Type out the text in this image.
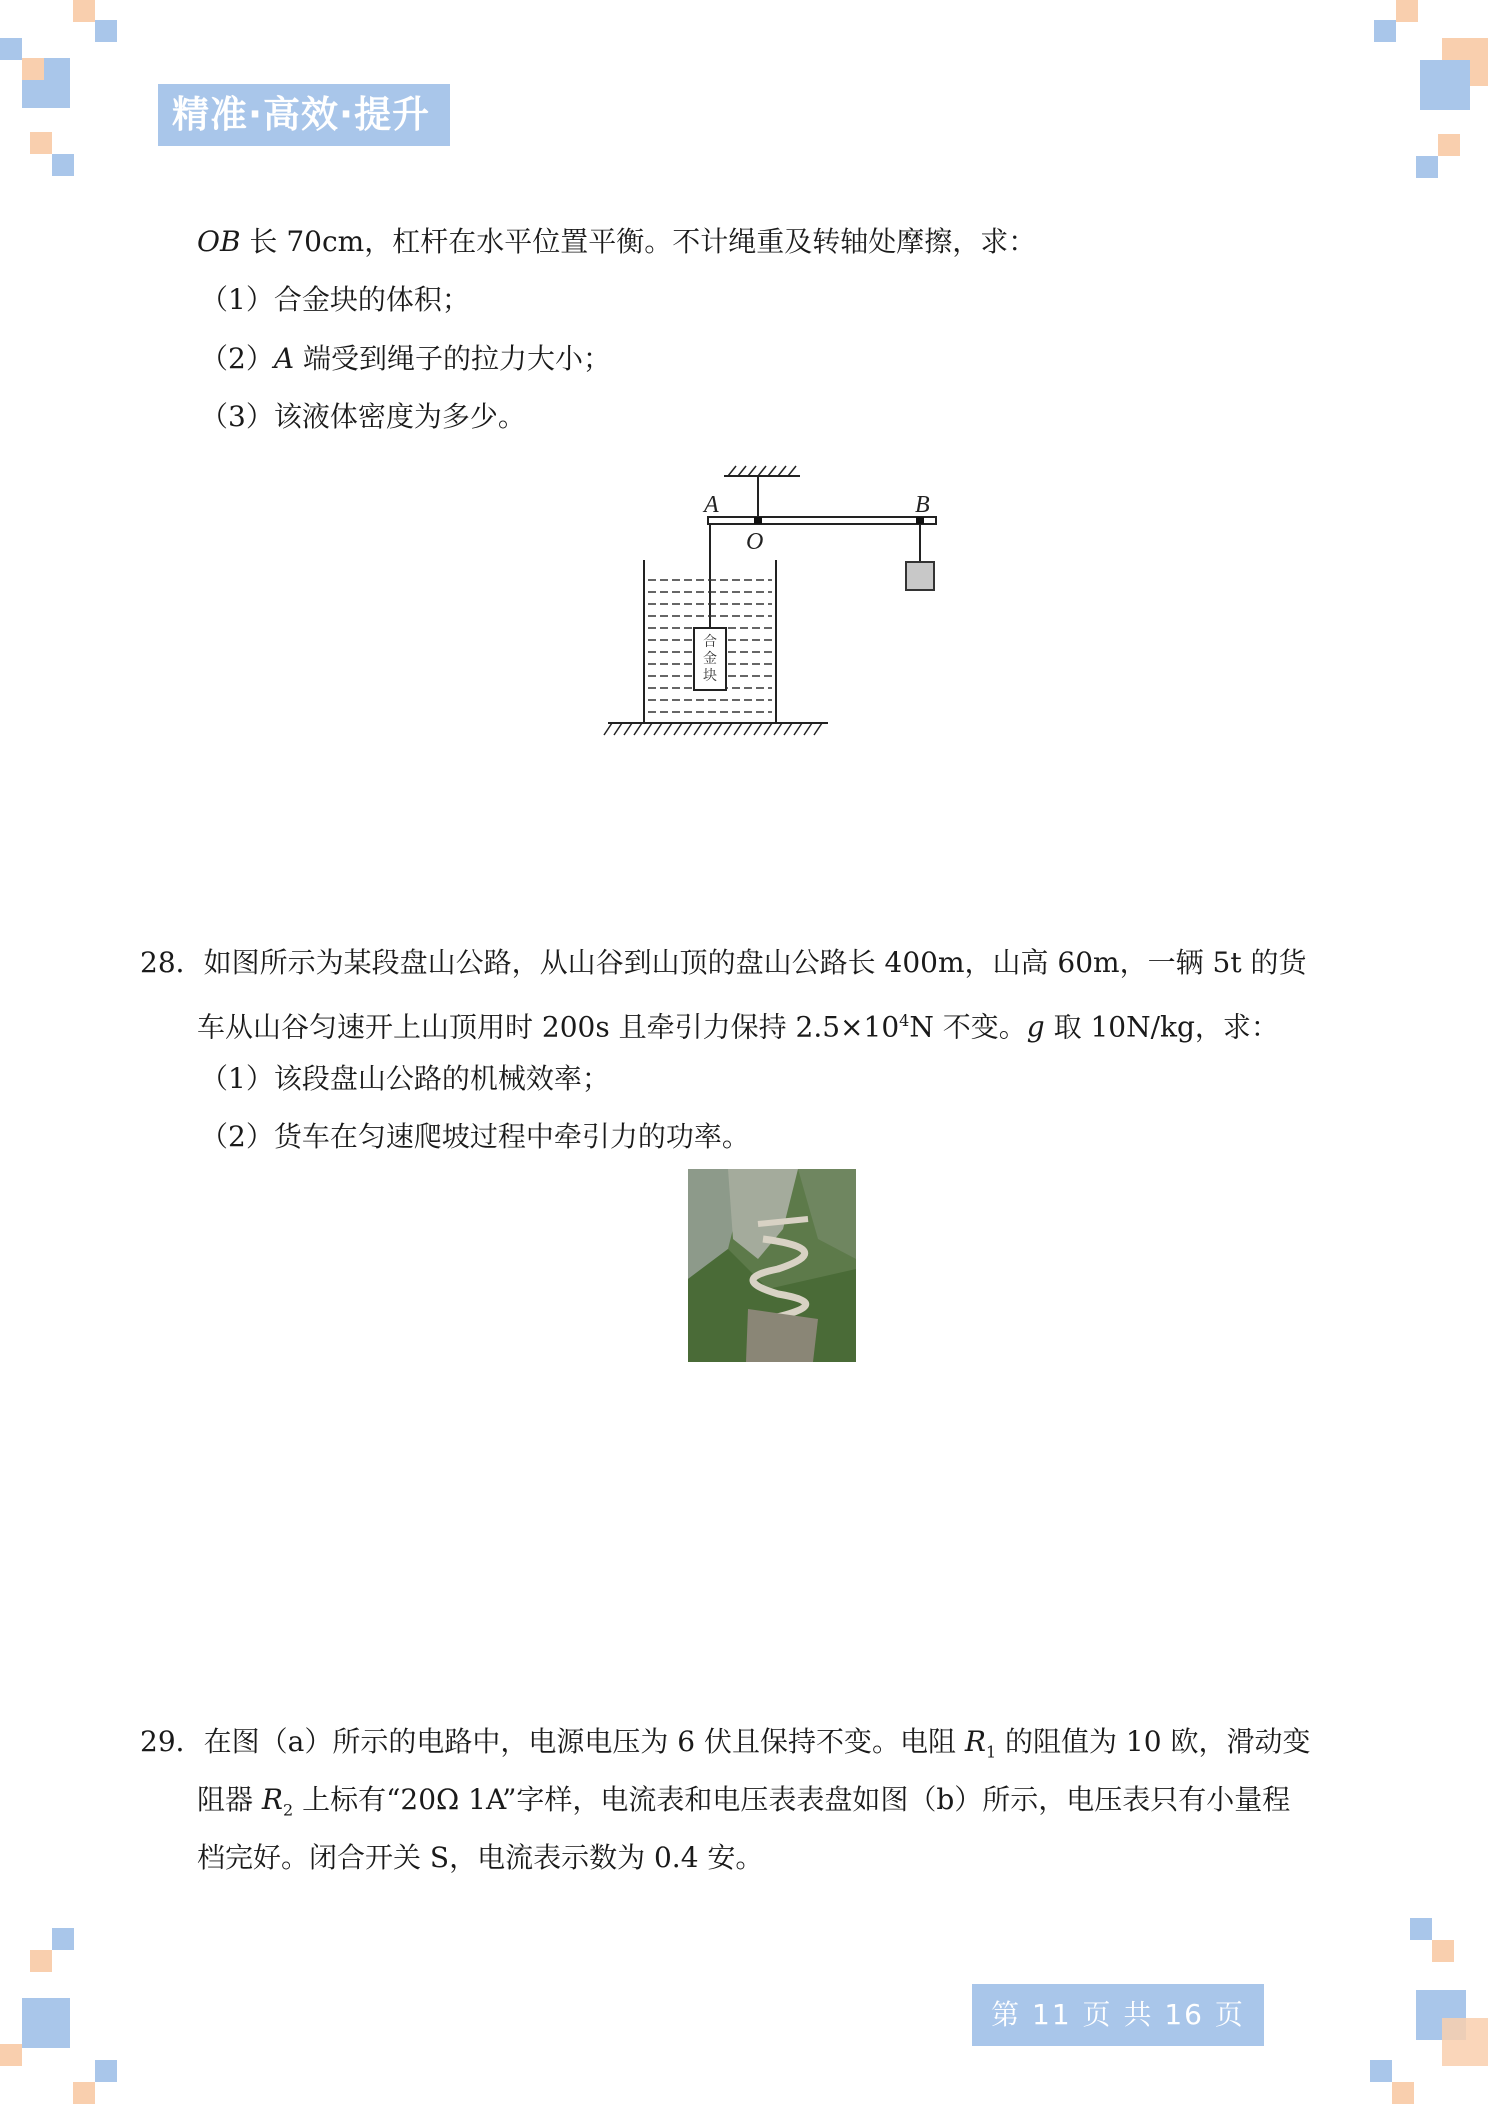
精准·高效·提升
OB 长 70cm，杠杆在水平位置平衡。不计绳重及转轴处摩擦，求：
（1）合金块的体积；
（2）A 端受到绳子的拉力大小；
（3）该液体密度为多少。
A	B
O
合
金
块
28．如图所示为某段盘山公路，从山谷到山顶的盘山公路长 400m，山高 60m，一辆 5t 的货
车从山谷匀速开上山顶用时 200s 且牵引力保持 $2.5\times 10^4N$ 不变。g 取 10N/kg，求：
（1）该段盘山公路的机械效率；
（2）货车在匀速爬坡过程中牵引力的功率。
29．在图（a）所示的电路中，电源电压为 6 伏且保持不变。电阻 $R_1$ 的阻值为 10 欧，滑动变
阻器 $R_2$ 上标有“20Ω 1A”字样，电流表和电压表表盘如图（b）所示，电压表只有小量程
档完好。闭合开关 S，电流表示数为 0.4 安。
第 11 页 共 16 页
